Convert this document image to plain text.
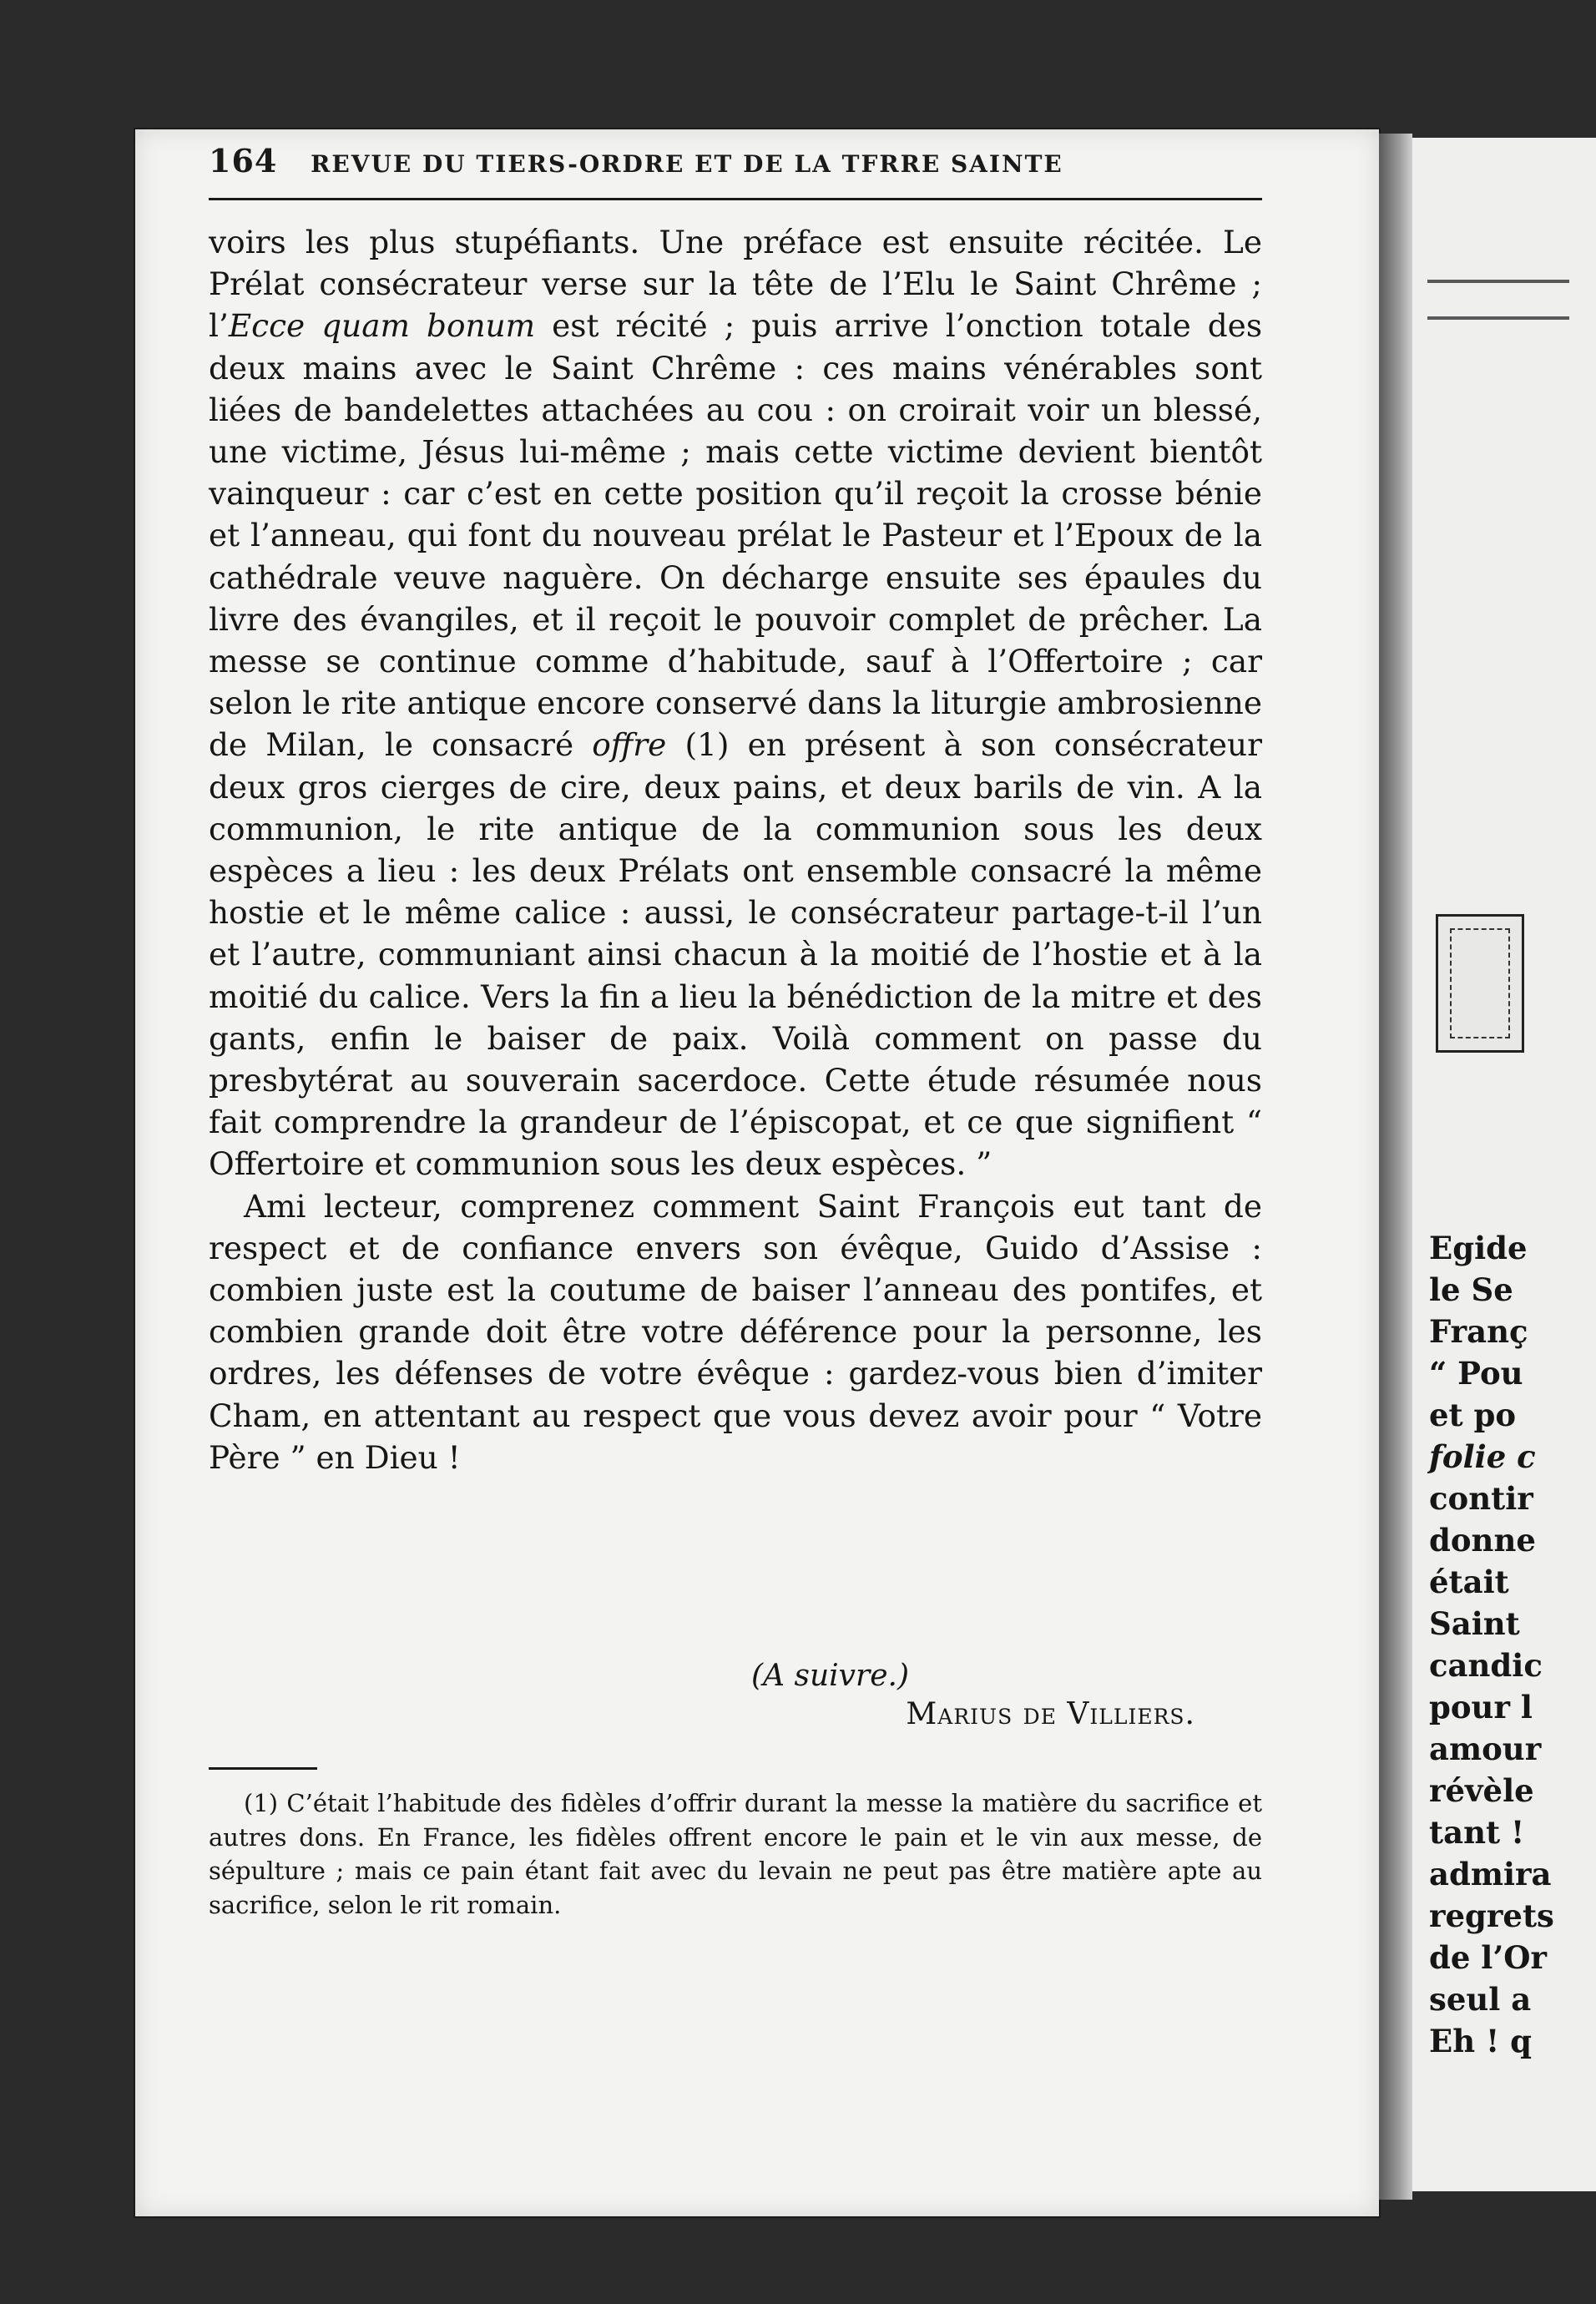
Egide
le Se
Franç
“ Pou
et po
folie c
contir
donne
était
Saint
candic
pour l
amour
révèle
tant !
admira
regrets
de l’Or
seul a
Eh ! q
164 REVUE DU TIERS-ORDRE ET DE LA TFRRE SAINTE

voirs les plus stupéfiants. Une préface est ensuite récitée. Le Prélat consécrateur verse sur la tête de l’Elu le Saint Chrême ; l’Ecce quam bonum est récité ; puis arrive l’onction totale des deux mains avec le Saint Chrême : ces mains vénérables sont liées de bandelettes attachées au cou : on croirait voir un blessé, une victime, Jésus lui-même ; mais cette victime devient bientôt vainqueur : car c’est en cette position qu’il reçoit la crosse bénie et l’anneau, qui font du nouveau prélat le Pasteur et l’Epoux de la cathédrale veuve naguère. On décharge ensuite ses épaules du livre des évangiles, et il reçoit le pouvoir complet de prêcher. La messe se continue comme d’habitude, sauf à l’Offertoire ; car selon le rite antique encore conservé dans la liturgie ambrosienne de Milan, le consacré offre (1) en présent à son consécrateur deux gros cierges de cire, deux pains, et deux barils de vin. A la communion, le rite antique de la communion sous les deux espèces a lieu : les deux Prélats ont ensemble consacré la même hostie et le même calice : aussi, le consécrateur partage-t-il l’un et l’autre, communiant ainsi chacun à la moitié de l’hostie et à la moitié du calice. Vers la fin a lieu la bénédiction de la mitre et des gants, enfin le baiser de paix. Voilà comment on passe du presbytérat au souverain sacerdoce. Cette étude résumée nous fait comprendre la grandeur de l’épiscopat, et ce que signifient “ Offertoire et communion sous les deux espèces. ”

Ami lecteur, comprenez comment Saint François eut tant de respect et de confiance envers son évêque, Guido d’Assise : combien juste est la coutume de baiser l’anneau des pontifes, et combien grande doit être votre déférence pour la personne, les ordres, les défenses de votre évêque : gardez-vous bien d’imiter Cham, en attentant au respect que vous devez avoir pour “ Votre Père ” en Dieu !

(A suivre.)
Marius de Villiers.
(1) C’était l’habitude des fidèles d’offrir durant la messe la matière du sacrifice et autres dons. En France, les fidèles offrent encore le pain et le vin aux messe, de sépulture ; mais ce pain étant fait avec du levain ne peut pas être matière apte au sacrifice, selon le rit romain.
